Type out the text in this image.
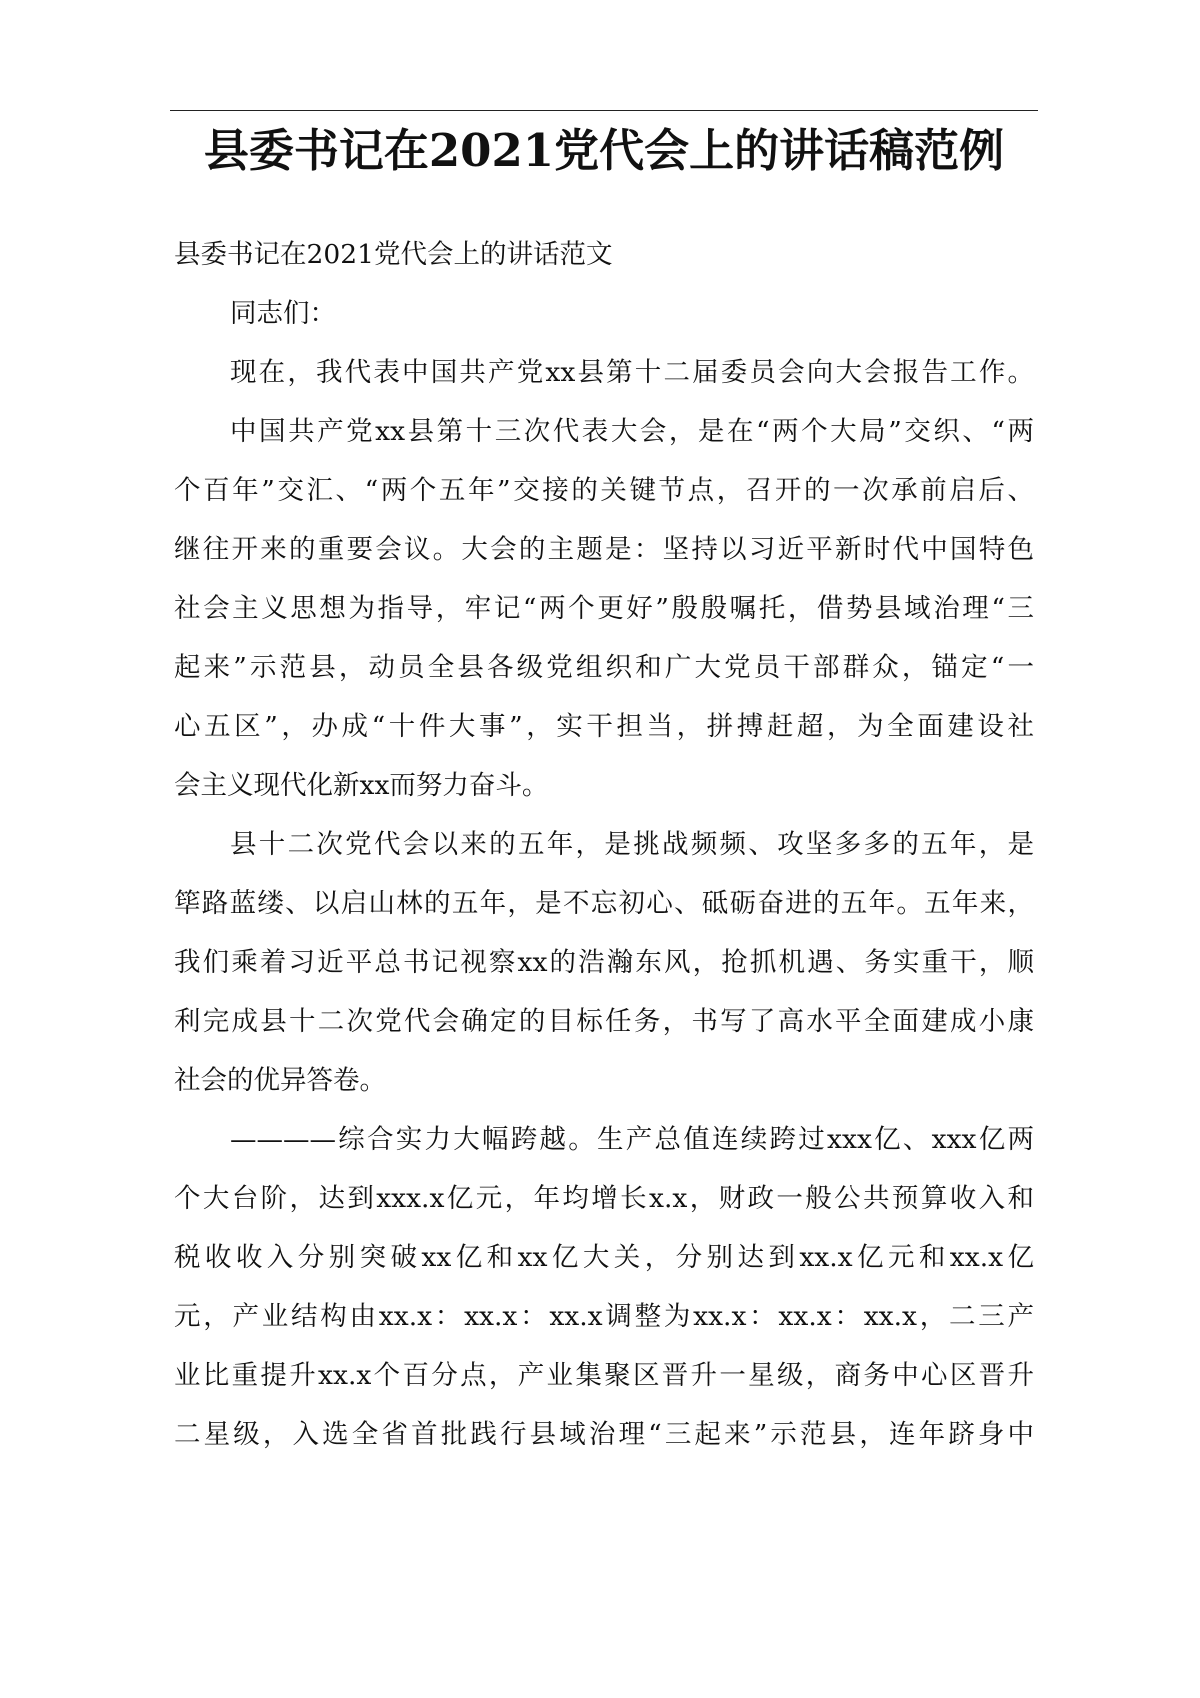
县委书记在2021党代会上的讲话稿范例
县委书记在2021党代会上的讲话范文
同志们：
现在，我代表中国共产党xx县第十二届委员会向大会报告工作。
中国共产党xx县第十三次代表大会，是在“两个大局”交织、“两
个百年”交汇、“两个五年”交接的关键节点，召开的一次承前启后、
继往开来的重要会议。大会的主题是：坚持以习近平新时代中国特色
社会主义思想为指导，牢记“两个更好”殷殷嘱托，借势县域治理“三
起来”示范县，动员全县各级党组织和广大党员干部群众，锚定“一
心五区”，办成“十件大事”，实干担当，拼搏赶超，为全面建设社
会主义现代化新xx而努力奋斗。
县十二次党代会以来的五年，是挑战频频、攻坚多多的五年，是
筚路蓝缕、以启山林的五年，是不忘初心、砥砺奋进的五年。五年来，
我们乘着习近平总书记视察xx的浩瀚东风，抢抓机遇、务实重干，顺
利完成县十二次党代会确定的目标任务，书写了高水平全面建成小康
社会的优异答卷。
————综合实力大幅跨越。生产总值连续跨过xxx亿、xxx亿两
个大台阶，达到xxx.x亿元，年均增长x.x，财政一般公共预算收入和
税收收入分别突破xx亿和xx亿大关，分别达到xx.x亿元和xx.x亿
元，产业结构由xx.x：xx.x：xx.x调整为xx.x：xx.x：xx.x，二三产
业比重提升xx.x个百分点，产业集聚区晋升一星级，商务中心区晋升
二星级，入选全省首批践行县域治理“三起来”示范县，连年跻身中
